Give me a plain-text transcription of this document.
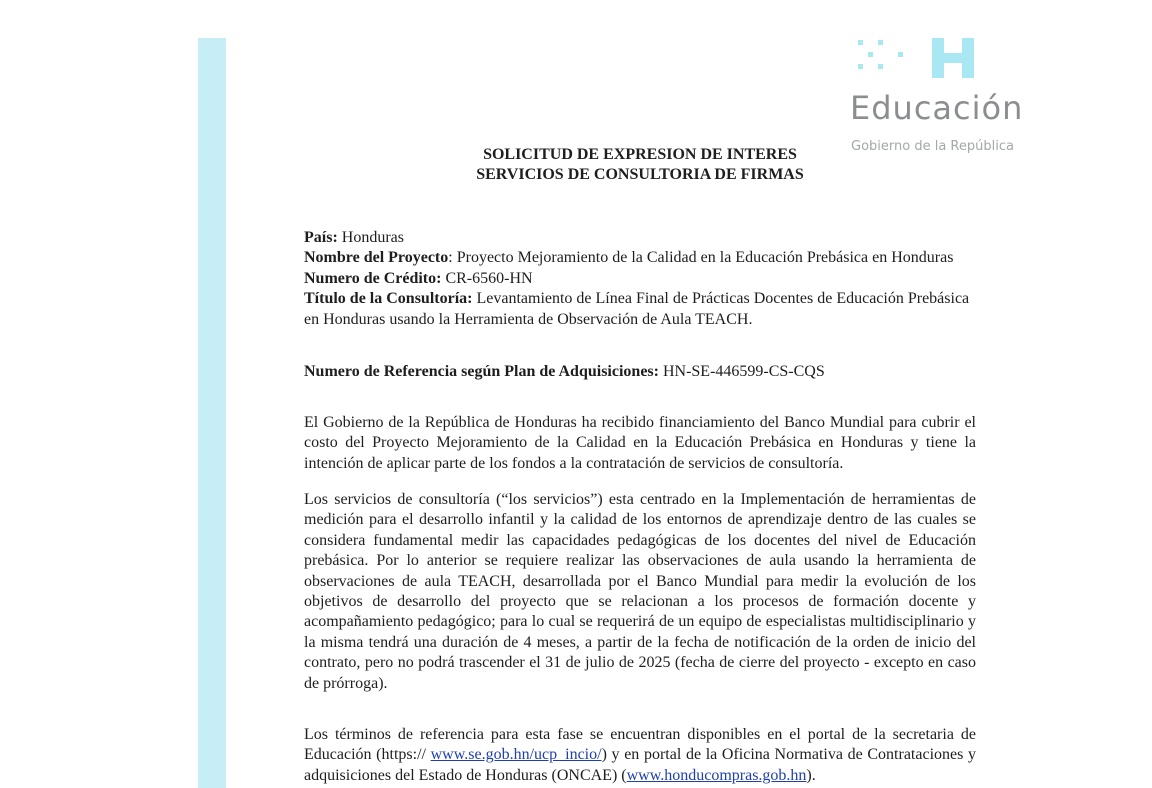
Educación
Gobierno de la República
SOLICITUD DE EXPRESION DE INTERES
SERVICIOS DE CONSULTORIA DE FIRMAS
País: Honduras
Nombre del Proyecto: Proyecto Mejoramiento de la Calidad en la Educación Prebásica en Honduras
Numero de Crédito: CR-6560-HN
Título de la Consultoría: Levantamiento de Línea Final de Prácticas Docentes de Educación Prebásica en Honduras usando la Herramienta de Observación de Aula TEACH.
Numero de Referencia según Plan de Adquisiciones: HN-SE-446599-CS-CQS
El Gobierno de la República de Honduras ha recibido financiamiento del Banco Mundial para cubrir el costo del Proyecto Mejoramiento de la Calidad en la Educación Prebásica en Honduras y tiene la intención de aplicar parte de los fondos a la contratación de servicios de consultoría.
Los servicios de consultoría (“los servicios”) esta centrado en la Implementación de herramientas de medición para el desarrollo infantil y la calidad de los entornos de aprendizaje dentro de las cuales se considera fundamental medir las capacidades pedagógicas de los docentes del nivel de Educación prebásica. Por lo anterior se requiere realizar las observaciones de aula usando la herramienta de observaciones de aula TEACH, desarrollada por el Banco Mundial para medir la evolución de los objetivos de desarrollo del proyecto que se relacionan a los procesos de formación docente y acompañamiento pedagógico; para lo cual se requerirá de un equipo de especialistas multidisciplinario y la misma tendrá una duración de 4 meses, a partir de la fecha de notificación de la orden de inicio del contrato, pero no podrá trascender el 31 de julio de 2025 (fecha de cierre del proyecto - excepto en caso de prórroga).
Los términos de referencia para esta fase se encuentran disponibles en el portal de la secretaria de Educación (https:// www.se.gob.hn/ucp_incio/) y en portal de la Oficina Normativa de Contrataciones y adquisiciones del Estado de Honduras (ONCAE) (www.honducompras.gob.hn).
